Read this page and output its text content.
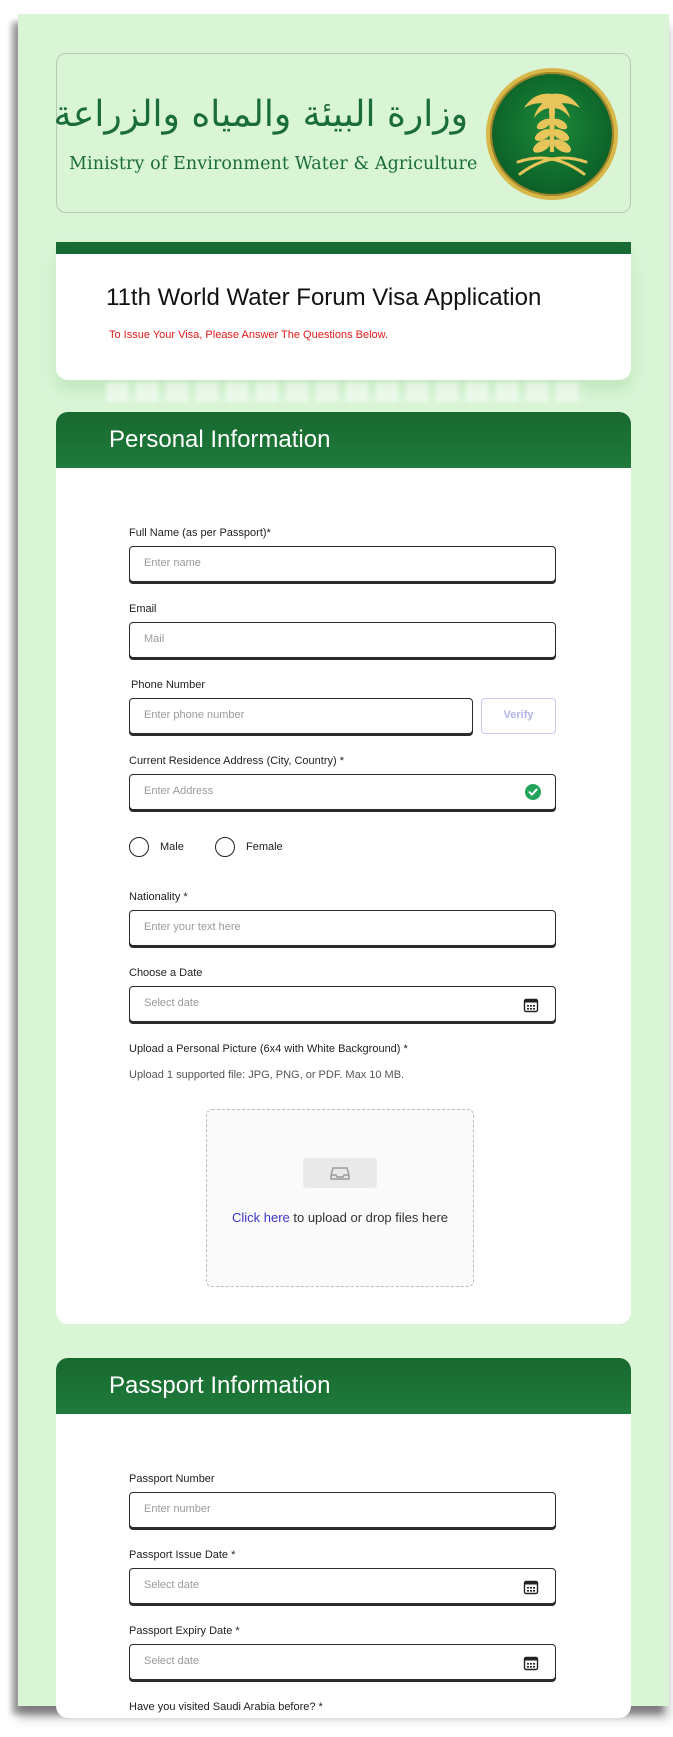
وزارة البيئة والمياه والزراعة
Ministry of Environment Water & Agriculture
11th World Water Forum Visa Application
To Issue Your Visa, Please Answer The Questions Below.
Personal Information
Full Name (as per Passport)*
Enter name
Email
Mail
Phone Number
Enter phone number	Verify
Current Residence Address (City, Country) *
Enter Address
Male	Female
Nationality *
Enter your text here
Choose a Date
Select date
Upload a Personal Picture (6x4 with White Background) *
Upload 1 supported file: JPG, PNG, or PDF. Max 10 MB.
Click here to upload or drop files here
Passport Information
Passport Number
Enter number
Passport Issue Date *
Select date
Passport Expiry Date *
Select date
Have you visited Saudi Arabia before? *
